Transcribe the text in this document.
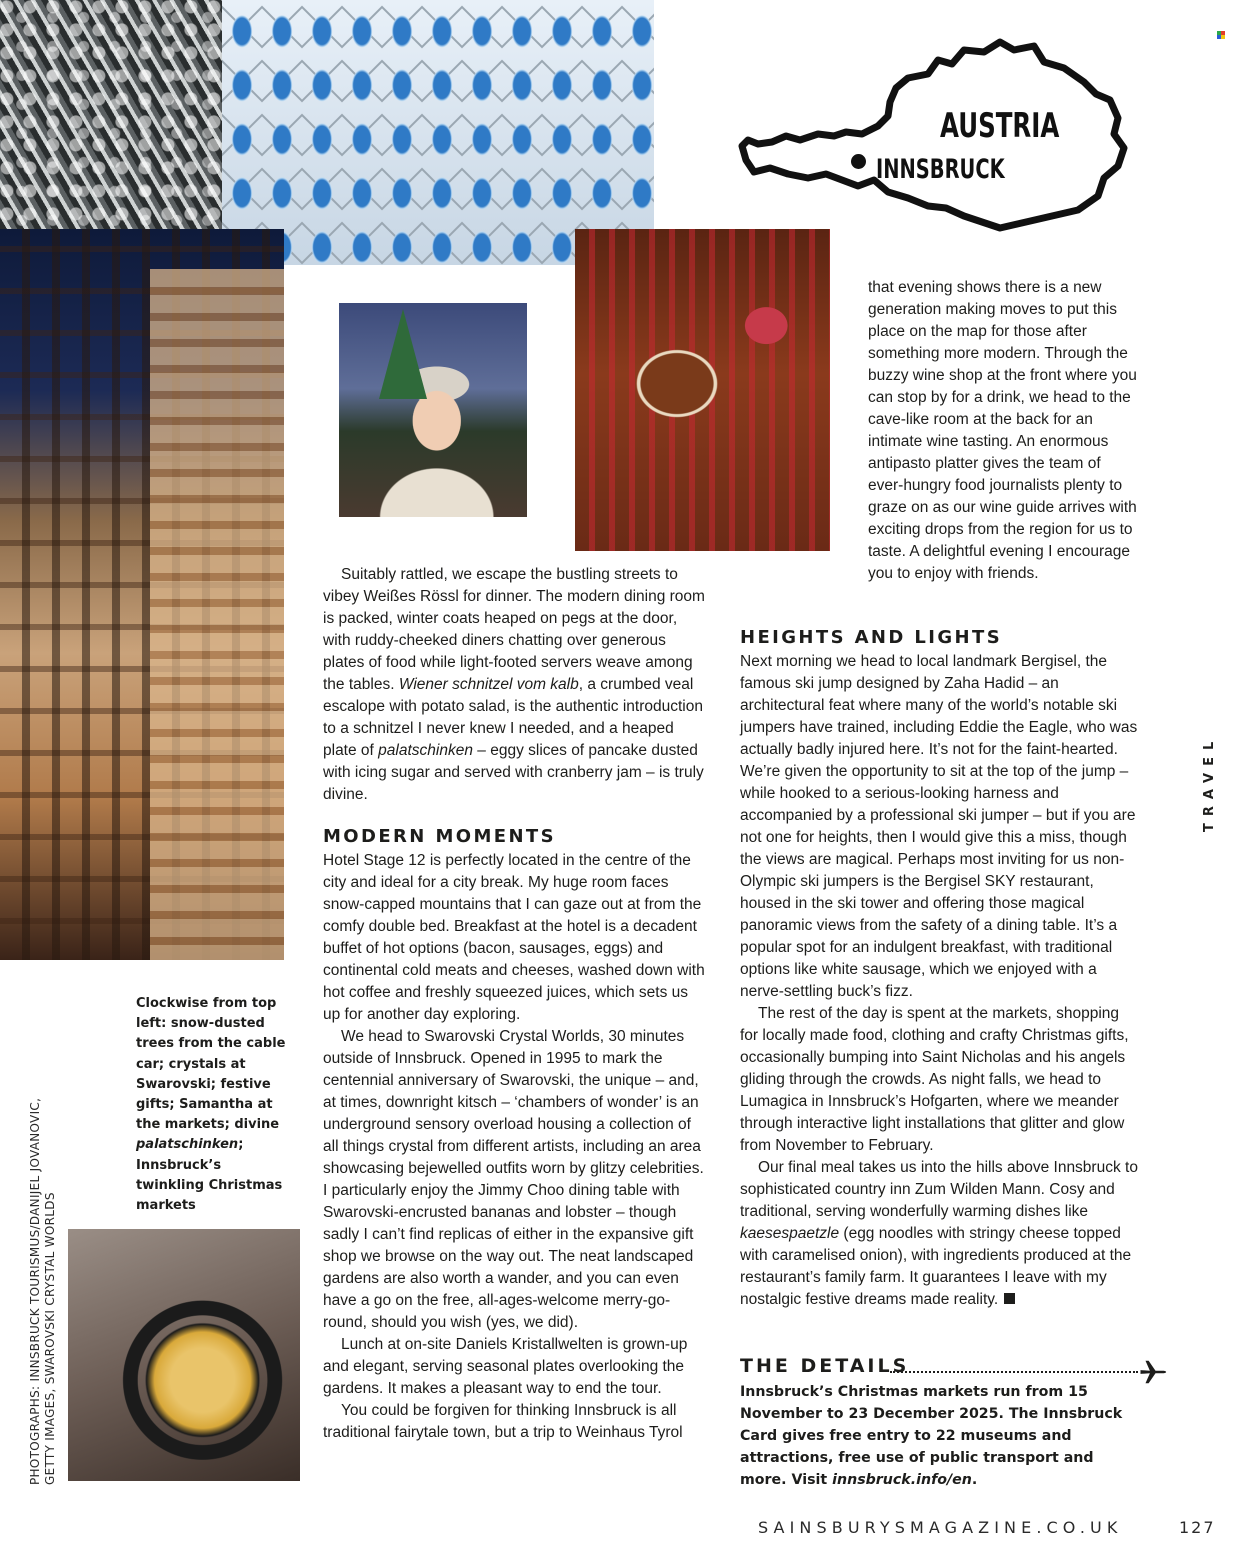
AUSTRIA
INNSBRUCK

Suitably rattled, we escape the bustling streets to vibey Weißes Rössl for dinner. The modern dining room is packed, winter coats heaped on pegs at the door, with ruddy-cheeked diners chatting over generous plates of food while light-footed servers weave among the tables. Wiener schnitzel vom kalb, a crumbed veal escalope with potato salad, is the authentic introduction to a schnitzel I never knew I needed, and a heaped plate of palatschinken – eggy slices of pancake dusted with icing sugar and served with cranberry jam – is truly divine.

MODERN MOMENTS

Hotel Stage 12 is perfectly located in the centre of the city and ideal for a city break. My huge room faces snow-capped mountains that I can gaze out at from the comfy double bed. Breakfast at the hotel is a decadent buffet of hot options (bacon, sausages, eggs) and continental cold meats and cheeses, washed down with hot coffee and freshly squeezed juices, which sets us up for another day exploring.

We head to Swarovski Crystal Worlds, 30 minutes outside of Innsbruck. Opened in 1995 to mark the centennial anniversary of Swarovski, the unique – and, at times, downright kitsch – ‘chambers of wonder’ is an underground sensory overload housing a collection of all things crystal from different artists, including an area showcasing bejewelled outfits worn by glitzy celebrities. I particularly enjoy the Jimmy Choo dining table with Swarovski-encrusted bananas and lobster – though sadly I can’t find replicas of either in the expansive gift shop we browse on the way out. The neat landscaped gardens are also worth a wander, and you can even have a go on the free, all-ages-welcome merry-go-round, should you wish (yes, we did).

Lunch at on-site Daniels Kristallwelten is grown-up and elegant, serving seasonal plates overlooking the gardens. It makes a pleasant way to end the tour.

You could be forgiven for thinking Innsbruck is all traditional fairytale town, but a trip to Weinhaus Tyrol

that evening shows there is a new generation making moves to put this place on the map for those after something more modern. Through the buzzy wine shop at the front where you can stop by for a drink, we head to the cave-like room at the back for an intimate wine tasting. An enormous antipasto platter gives the team of ever-hungry food journalists plenty to graze on as our wine guide arrives with exciting drops from the region for us to taste. A delightful evening I encourage you to enjoy with friends.

HEIGHTS AND LIGHTS

Next morning we head to local landmark Bergisel, the famous ski jump designed by Zaha Hadid – an architectural feat where many of the world’s notable ski jumpers have trained, including Eddie the Eagle, who was actually badly injured here. It’s not for the faint-hearted. We’re given the opportunity to sit at the top of the jump – while hooked to a serious-looking harness and accompanied by a professional ski jumper – but if you are not one for heights, then I would give this a miss, though the views are magical. Perhaps most inviting for us non-Olympic ski jumpers is the Bergisel SKY restaurant, housed in the ski tower and offering those magical panoramic views from the safety of a dining table. It’s a popular spot for an indulgent breakfast, with traditional options like white sausage, which we enjoyed with a nerve-settling buck’s fizz.

The rest of the day is spent at the markets, shopping for locally made food, clothing and crafty Christmas gifts, occasionally bumping into Saint Nicholas and his angels gliding through the crowds. As night falls, we head to Lumagica in Innsbruck’s Hofgarten, where we meander through interactive light installations that glitter and glow from November to February.

Our final meal takes us into the hills above Innsbruck to sophisticated country inn Zum Wilden Mann. Cosy and traditional, serving wonderfully warming dishes like kaesespaetzle (egg noodles with stringy cheese topped with caramelised onion), with ingredients produced at the restaurant’s family farm. It guarantees I leave with my nostalgic festive dreams made reality.

THE DETAILS

Innsbruck’s Christmas markets run from 15 November to 23 December 2025. The Innsbruck Card gives free entry to 22 museums and attractions, free use of public transport and more. Visit innsbruck.info/en.

Clockwise from top left: snow-dusted trees from the cable car; crystals at Swarovski; festive gifts; Samantha at the markets; divine palatschinken; Innsbruck’s twinkling Christmas markets
PHOTOGRAPHS: INNSBRUCK TOURISMUS/DANIJEL JOVANOVIC, GETTY IMAGES, SWAROVSKI CRYSTAL WORLDS
TRAVEL
SAINSBURYSMAGAZINE.CO.UK	127
